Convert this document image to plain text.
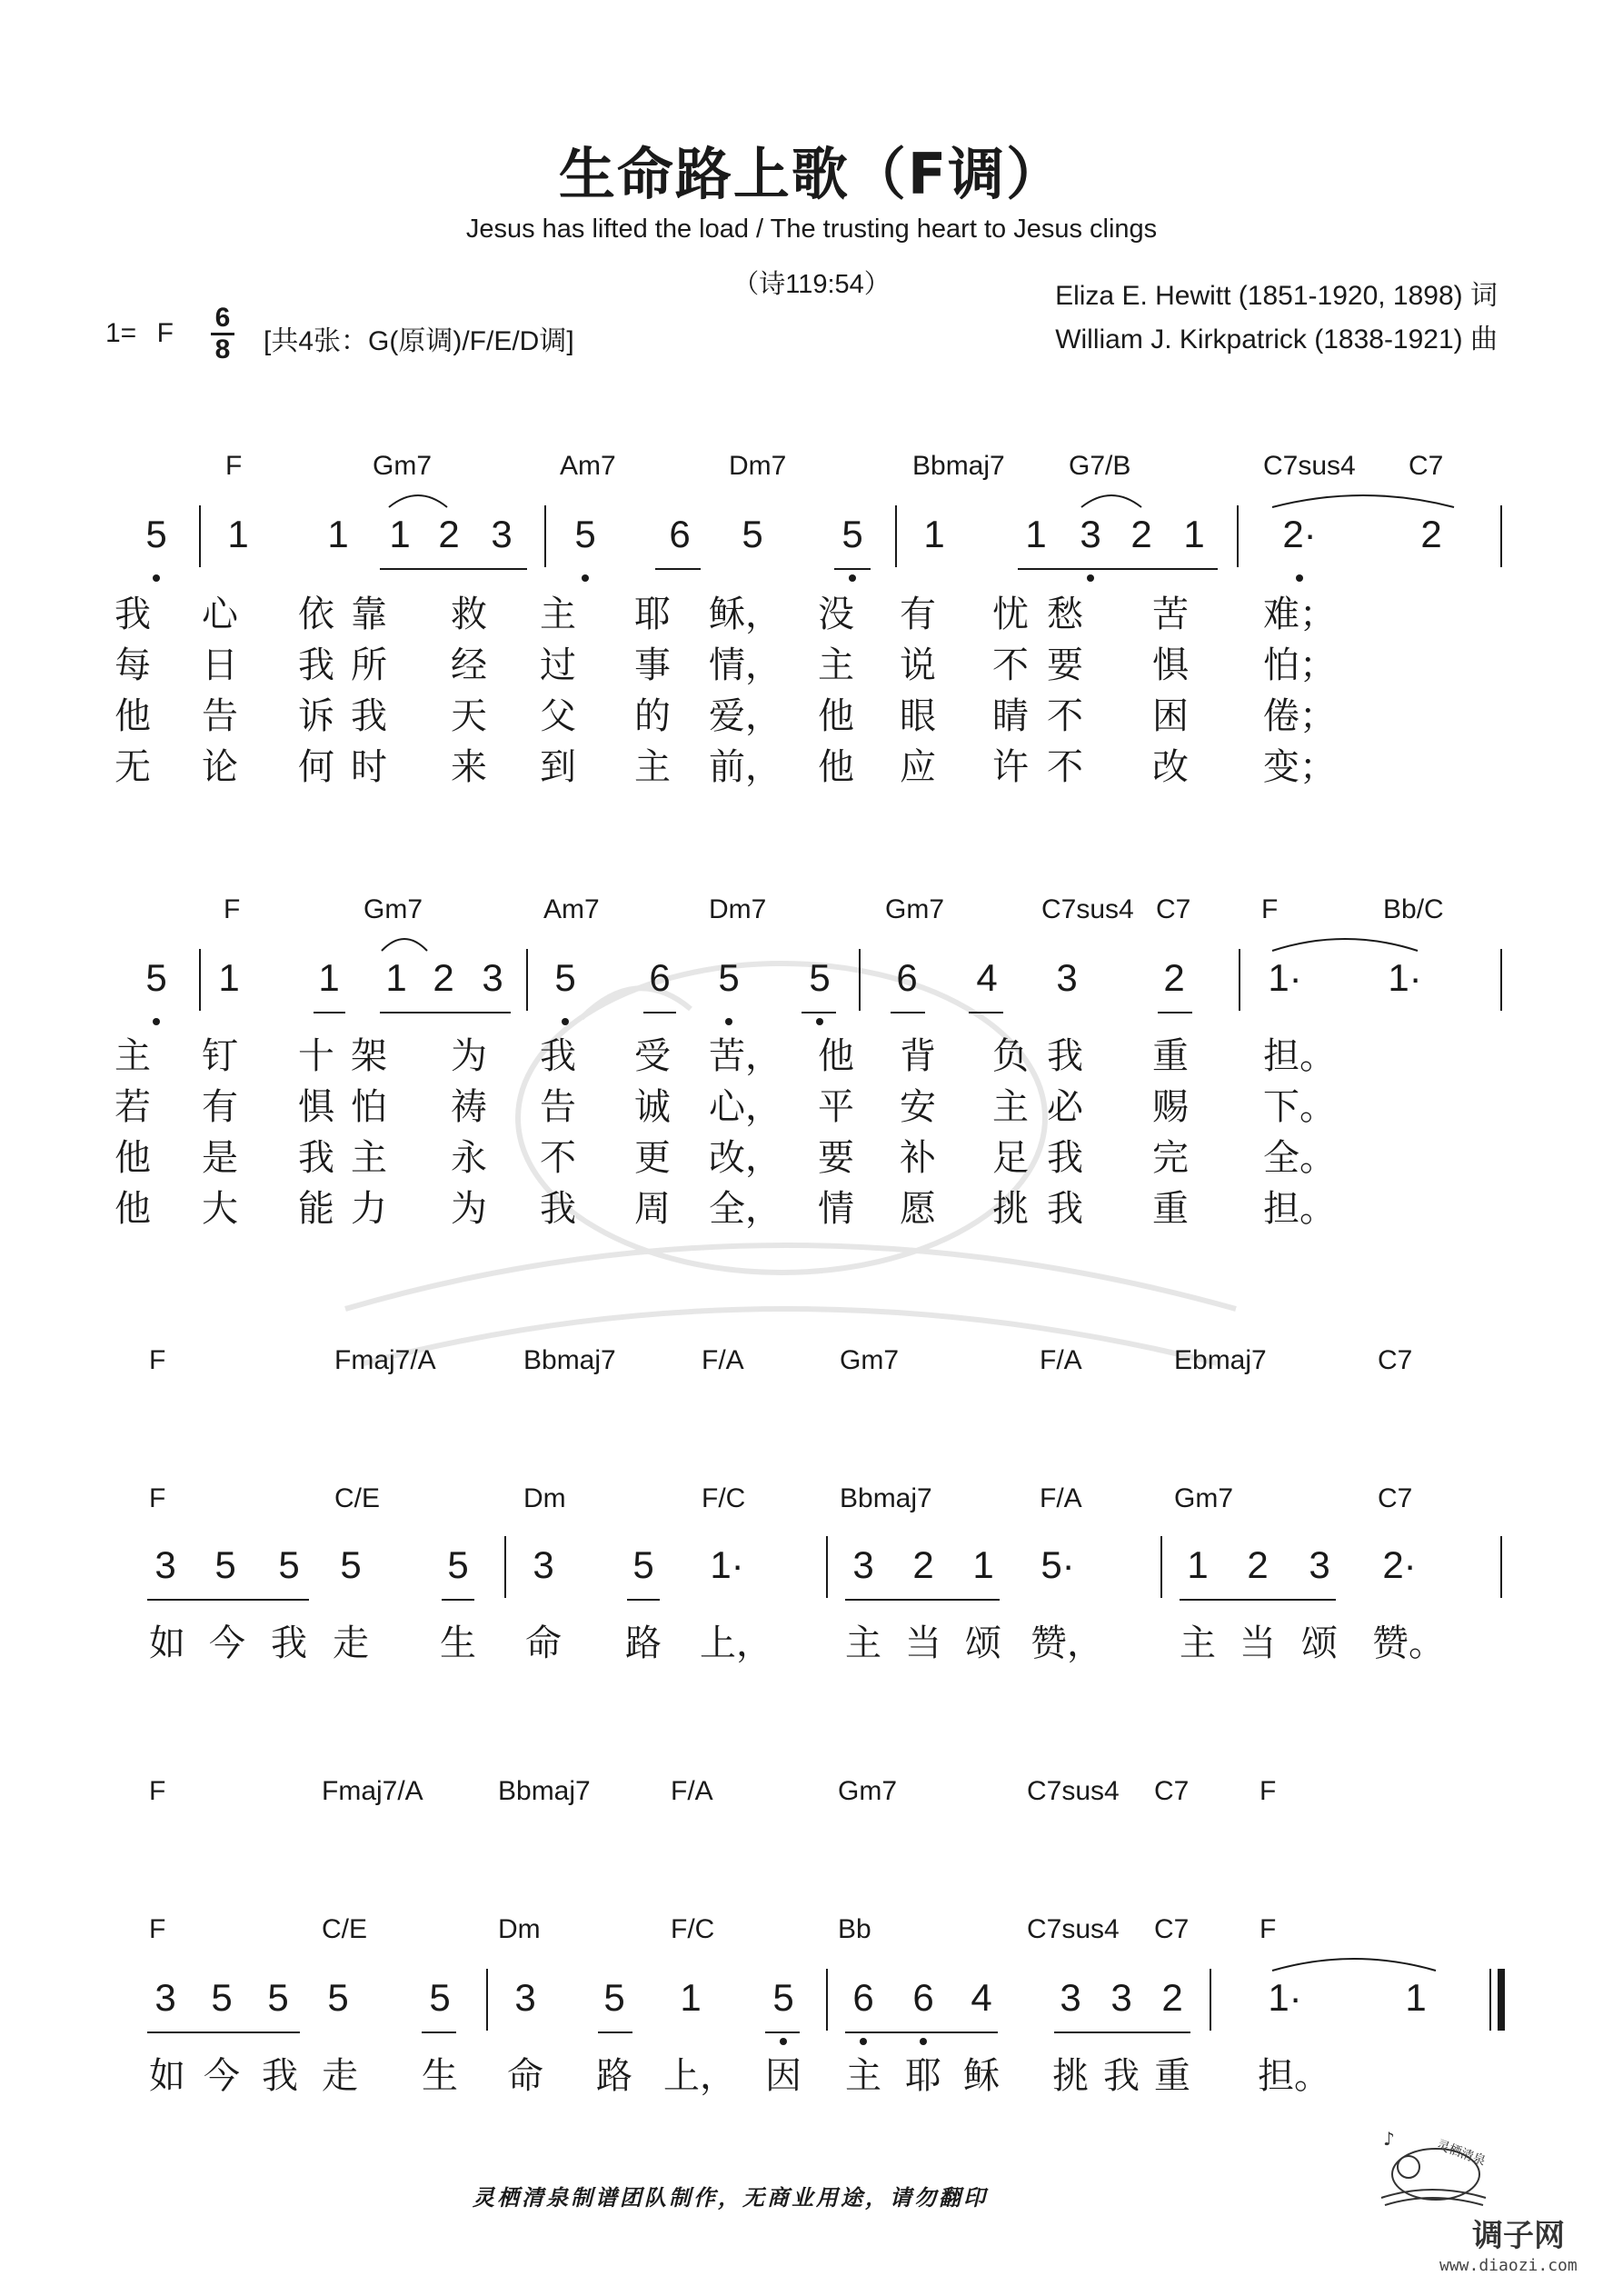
生命路上歌（F调）
Jesus has lifted the load / The trusting heart to Jesus clings
（诗119:54）	Eliza E. Hewitt (1851-1920, 1898) 词
William J. Kirkpatrick (1838-1921) 曲
1= F
6
8 [共4张：G(原调)/F/E/D调]
F	Gm7	Am7	Dm7	Bbmaj7 G7/B	C7sus4 C7
5 1 1 1 2 3 5 6 5 5 1 1 3 2 1 2·	2
我 心 依 靠 救 主 耶 稣， 没 有 忧 愁 苦 难；
每 日 我 所 经 过 事 情， 主 说 不 要 惧 怕；
他 告 诉 我 天 父 的 爱， 他 眼 睛 不 困 倦；
无 论 何 时 来 到 主 前， 他 应 许 不 改 变；
F	Gm7	Am7	Dm7	Gm7	C7sus4 C7	F	Bb/C
5 1 1 1 2 3 5 6 5 5 6 4 3 2 1· 1·
主 钉 十 架 为 我 受 苦， 他 背 负 我 重 担。
若 有 惧 怕 祷 告 诚 心， 平 安 主 必 赐 下。
他 是 我 主 永 不 更 改， 要 补 足 我 完 全。
他 大 能 力 为 我 周 全， 情 愿 挑 我 重 担。
F	Fmaj7/A	Bbmaj7	F/A	Gm7	F/A	Ebmaj7	C7
F	C/E	Dm	F/C	Bbmaj7	F/A	Gm7	C7
3 5 5 5 5 3 5 1·	3 2 1 5·	1 2 3 2·
如 今 我 走 生 命 路 上， 主 当 颂 赞， 主 当 颂 赞。
F	Fmaj7/A	Bbmaj7	F/A	Gm7	C7sus4 C7	F
F	C/E	Dm	F/C	Bb	C7sus4 C7	F
3 5 5 5 5 3 5 1 5 6 6 4 3 3 2 1·	1
如 今 我 走 生 命 路 上， 因 主 耶 稣 挑 我 重 担。
灵栖清泉制谱团队制作，无商业用途，请勿翻印
♪	灵栖清泉
调子网
www.diaozi.com
